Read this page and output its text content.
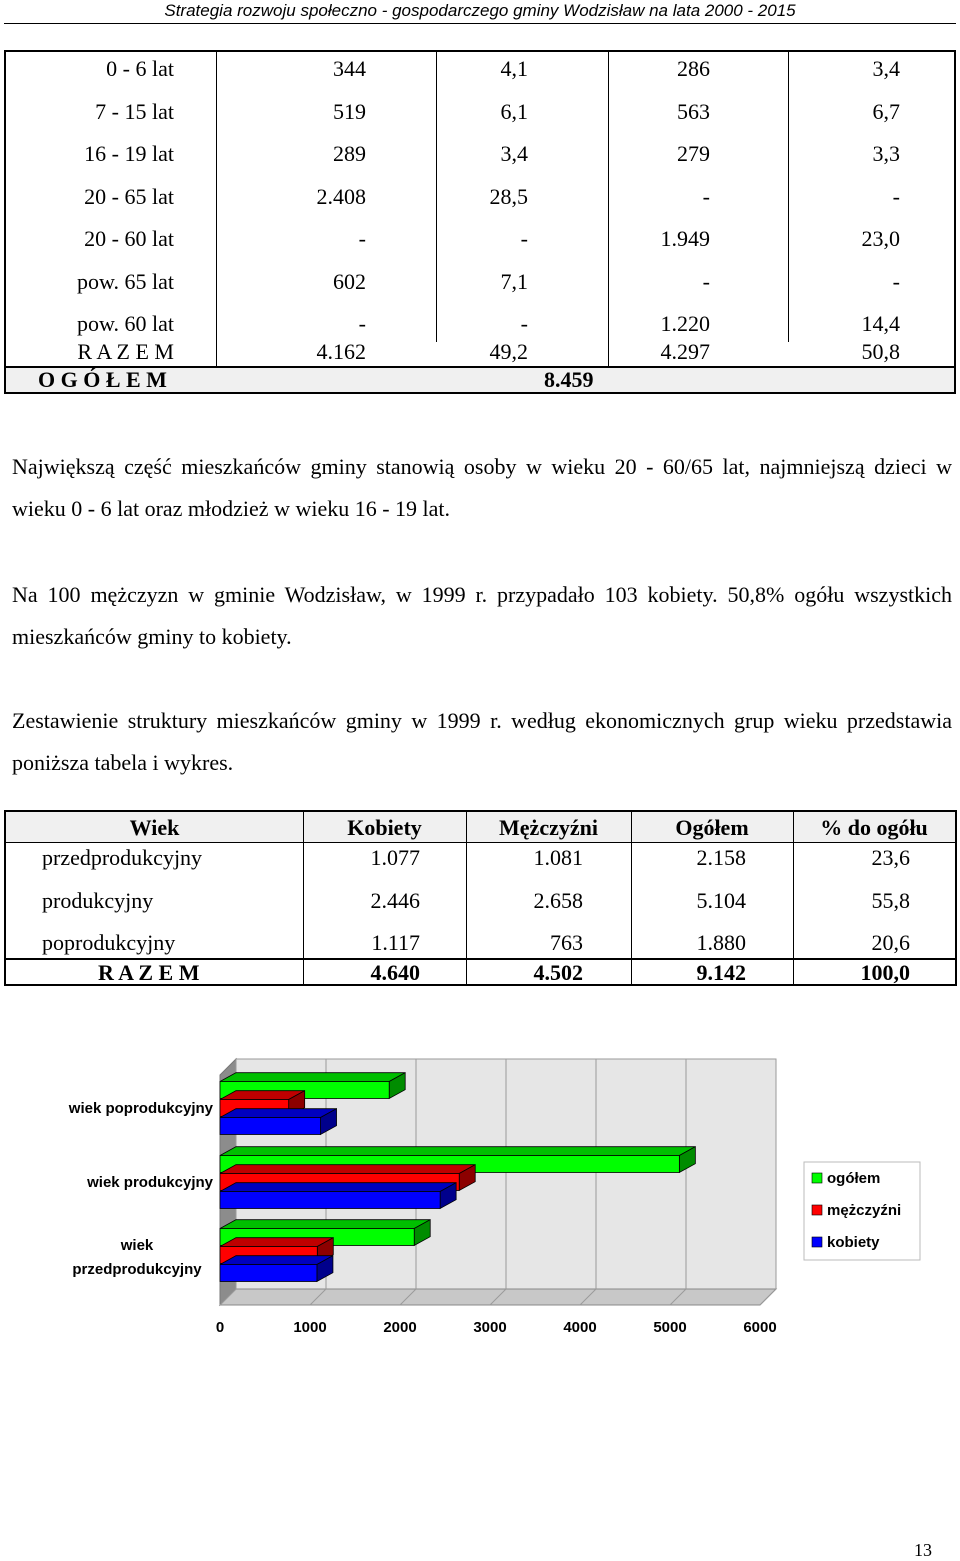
Strategia rozwoju społeczno - gospodarczego gminy Wodzisław na lata 2000 - 2015
0 - 6 lat	344	4,1	286	3,4
7 - 15 lat	519	6,1	563	6,7
16 - 19 lat	289	3,4	279	3,3
20 - 65 lat	2.408	28,5	-	-
20 - 60 lat	-	-	1.949	23,0
pow. 65 lat	602	7,1	-	-
pow. 60 lat	-	-	1.220	14,4
R A Z E M	4.162	49,2	4.297	50,8
O G Ó Ł E M	8.459
Największą część mieszkańców gminy stanowią osoby w wieku 20 - 60/65 lat, najmniejszą dzieci w wieku 0 - 6 lat oraz młodzież w wieku 16 - 19 lat.
Na 100 mężczyzn w gminie Wodzisław, w 1999 r. przypadało 103 kobiety. 50,8% ogółu wszystkich mieszkańców gminy to kobiety.
Zestawienie struktury mieszkańców gminy w 1999 r. według ekonomicznych grup wieku przedstawia poniższa tabela i wykres.
Wiek	Kobiety	Mężczyźni	Ogółem	% do ogółu
przedprodukcyjny	1.077	1.081	2.158	23,6
produkcyjny	2.446	2.658	5.104	55,8
poprodukcyjny	1.117	763	1.880	20,6
R A Z E M	4.640	4.502	9.142	100,0
0	1000	2000	3000	4000	5000	6000
wiek
przedprodukcyjny
wiek produkcyjny
wiek poprodukcyjny
ogółem
mężczyźni
kobiety
13
